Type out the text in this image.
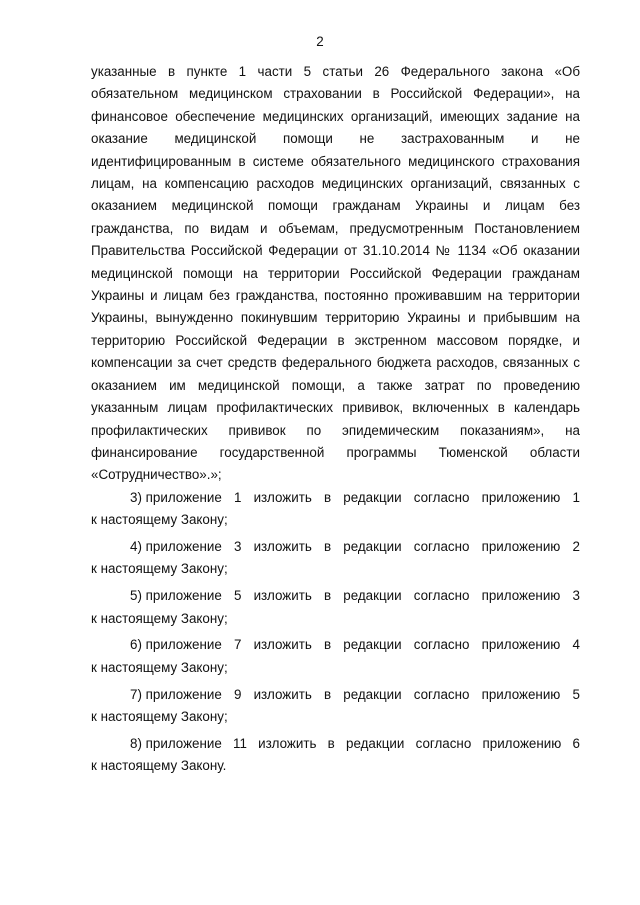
2

указанные в пункте 1 части 5 статьи 26 Федерального закона «Об обязательном медицинском страховании в Российской Федерации», на финансовое обеспечение медицинских организаций, имеющих задание на оказание медицинской помощи не застрахованным и не идентифицированным в системе обязательного медицинского страхования лицам, на компенсацию расходов медицинских организаций, связанных с оказанием медицинской помощи гражданам Украины и лицам без гражданства, по видам и объемам, предусмотренным Постановлением Правительства Российской Федерации от 31.10.2014 № 1134 «Об оказании медицинской помощи на территории Российской Федерации гражданам Украины и лицам без гражданства, постоянно проживавшим на территории Украины, вынужденно покинувшим территорию Украины и прибывшим на территорию Российской Федерации в экстренном массовом порядке, и компенсации за счет средств федерального бюджета расходов, связанных с оказанием им медицинской помощи, а также затрат по проведению указанным лицам профилактических прививок, включенных в календарь профилактических прививок по эпидемическим показаниям», на финансирование государственной программы Тюменской области «Сотрудничество».»;

3) приложение 1 изложить в редакции согласно приложению 1
к настоящему Закону;
4) приложение 3 изложить в редакции согласно приложению 2
к настоящему Закону;
5) приложение 5 изложить в редакции согласно приложению 3
к настоящему Закону;
6) приложение 7 изложить в редакции согласно приложению 4
к настоящему Закону;
7) приложение 9 изложить в редакции согласно приложению 5
к настоящему Закону;
8) приложение 11 изложить в редакции согласно приложению 6
к настоящему Закону.
